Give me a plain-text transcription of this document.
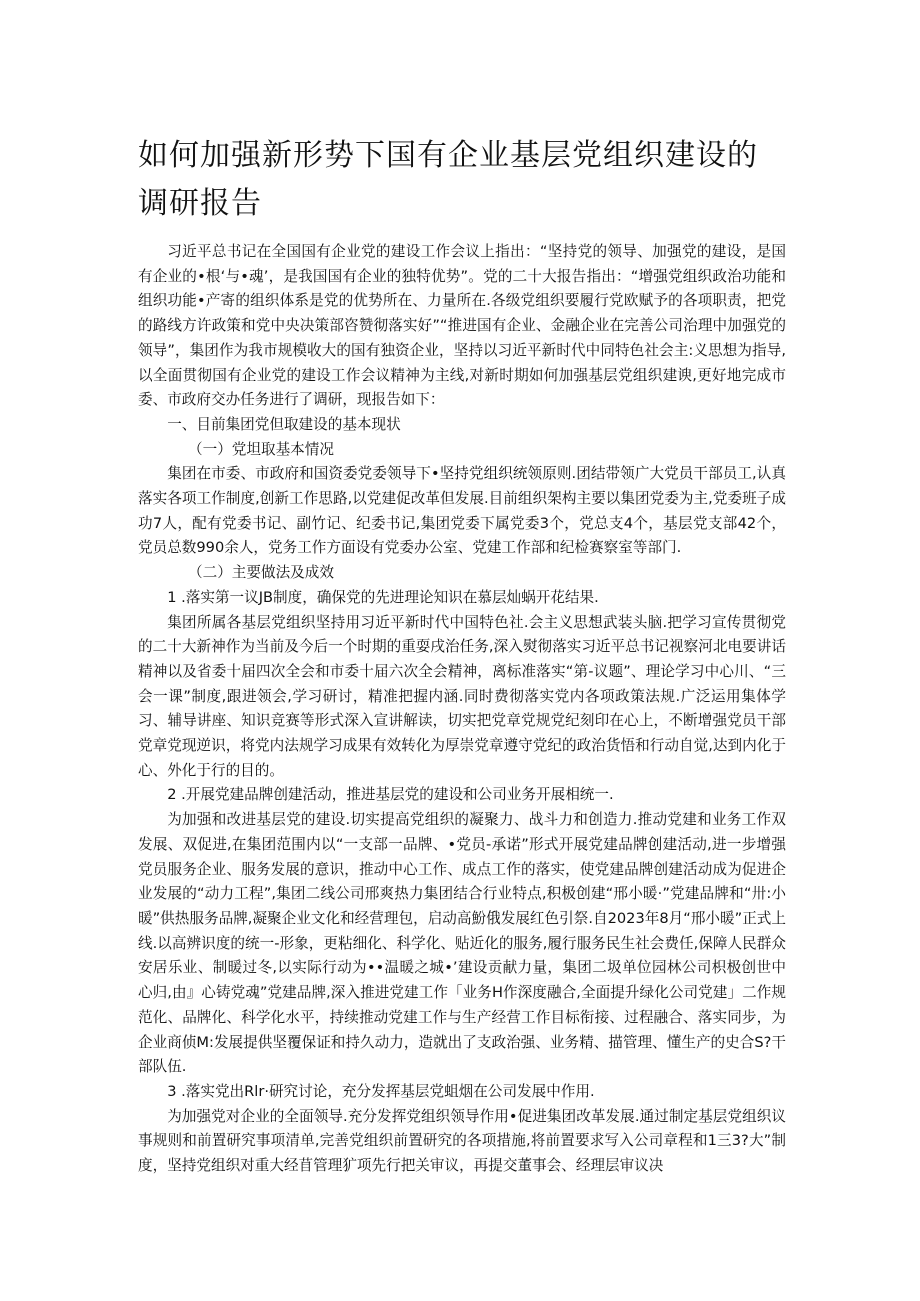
如何加强新形势下国有企业基层党组织建设的调研报告

习近平总书记在全国国有企业党的建设工作会议上指出：“坚持党的领导、加强党的建设，是国有企业的•根‘与•魂’，是我国国有企业的独特优势”。党的二十大报告指出：“增强党组织政治功能和组织功能•产寄的组织体系是党的优势所在、力量所在.各级党组织要履行党欧赋予的各项职责，把党的路线方许政策和党中央决策部咨赞彻落实好”“推进国有企业、金融企业在完善公司治理中加强党的领导”，集团作为我市规模收大的国有独资企业，坚持以习近平新时代中同特色社会主:义思想为指导,以全面贯彻国有企业党的建设工作会议精神为主线,对新时期如何加强基层党组织建谀,更好地完成市委、市政府交办任务进行了调研，现报告如下：

一、目前集团党但取建设的基本现状

（一）党坦取基本情况

集团在市委、市政府和国资委党委领导下•坚持党组织统领原则.团结带领广大党员干部员工,认真落实各项工作制度,创新工作思路,以党建促改革但发展.目前组织架构主要以集团党委为主,党委班子成功7人，配有党委书记、副竹记、纪委书记,集团党委下属党委3个，党总支4个，基层党支部42个，党员总数990余人，党务工作方面设有党委办公室、党建工作部和纪检赛察室等部门.

（二）主要做法及成效

1 .落实第一议JB制度，确保党的先进理论知识在慕层灿蜗开花结果.

集团所属各基层党组织坚持用习近平新时代中国特色社.会主义思想武装头脑.把学习宣传贯彻党的二十大新神作为当前及今后一个时期的重耍戌治任务,深入熨彻落实习近平总书记视察河北电要讲话精神以及省委十届四次全会和市委十届六次全会精神，离标准落实“第-议题”、理论学习中心川、“三会一课”制度,跟进领会,学习研讨，精准把握内涵.同时费彻落实党内各项政策法规.广泛运用集体学习、辅导讲座、知识竞赛等形式深入宣讲解读，切实把党章党规党纪刻印在心上，不断增强党员干部党章党现逆识，将党内法规学习成果有效转化为厚崇党章遵守党纪的政治货悟和行动自觉,达到内化于心、外化于行的目的。

2 .开展党建品牌创建活动，推进基层党的建设和公司业务开展相统一.

为加强和改进基层党的建设.切实提高党组织的凝聚力、战斗力和创造力.推动党建和业务工作双发展、双促进,在集团范围内以“一支部一品牌、•党员-承诺”形式开展党建品牌创建活动,进一步增强党员服务企业、服务发展的意识，推动中心工作、成点工作的落实，使党建品牌创建活动成为促进企业发展的“动力工程”,集团二线公司邢爽热力集团结合行业特点,积极创建“邢小暖·”党建品牌和“卅:小暖”供热服务品牌,凝聚企业文化和经营理包，启动高魵俄发展红色引祭.自2023年8月“邢小暖”正式上线.以高辨识度的统一-形象，更粘细化、科学化、贴近化的服务,履行服务民生社会费任,保障人民群众安居乐业、制暖过冬,以实际行动为••温暖之城•’建设贡献力量，集团二圾单位园林公司枳极创世中心归,由』心铸党魂”党建品牌,深入推进党建工作「业务H作深度融合,全面提升绿化公司党建」二作规范化、品牌化、科学化水平，持续推动党建工作与生产经营工作目标衔接、过程融合、落实同步，为企业商侦M:发展提供坚覆保证和持久动力，造就出了支政治强、业务精、描管理、懂生产的史合S?干部队伍.

3 .落实党出Rlr·研究讨论，充分发挥基层党蛆烟在公司发展中作用.

为加强党对企业的全面领导.充分发挥党组织领导作用•促进集团改革发展.通过制定基层党组织议事规则和前置研究事项清单,完善党组织前置研究的各项措施,将前置要求写入公司章程和1三3?大”制度，坚持党组织对重大经苜管理犷项先行把关审议，再提交董事会、经理层审议决
